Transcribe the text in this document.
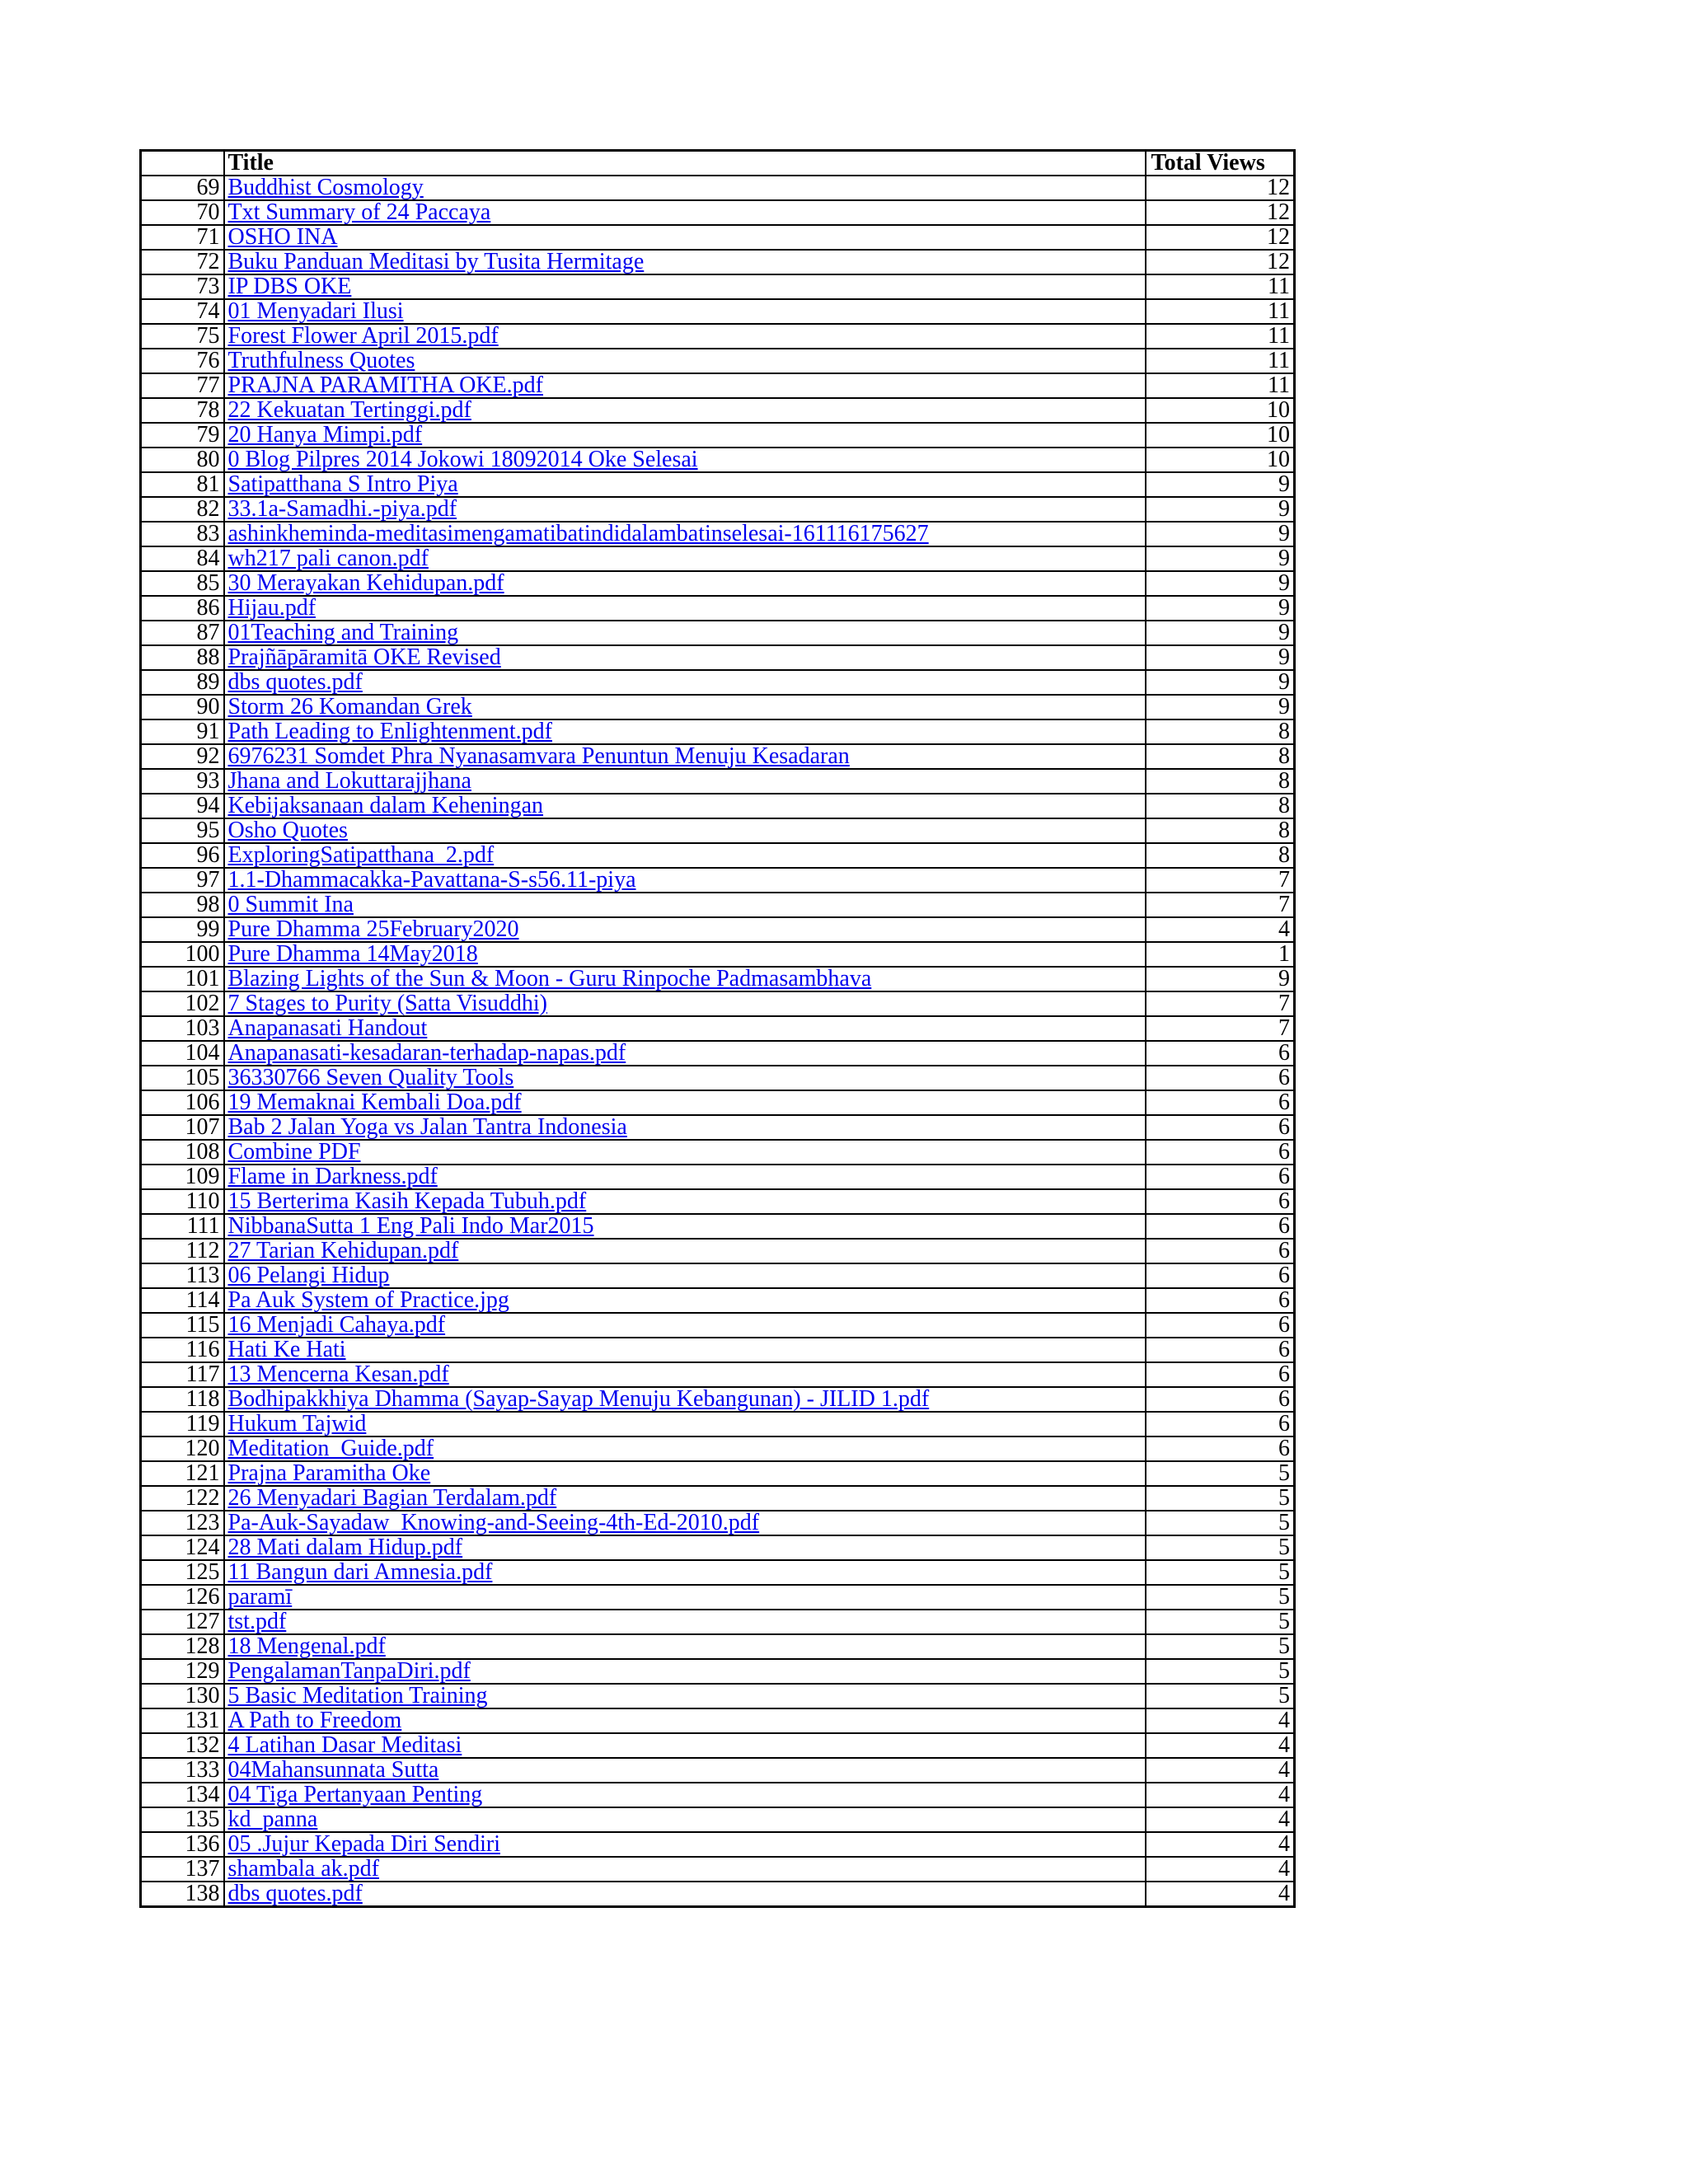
	Title	Total Views
69	Buddhist Cosmology	12
70	Txt Summary of 24 Paccaya	12
71	OSHO INA	12
72	Buku Panduan Meditasi by Tusita Hermitage	12
73	IP DBS OKE	11
74	01 Menyadari Ilusi	11
75	Forest Flower April 2015.pdf	11
76	Truthfulness Quotes	11
77	PRAJNA PARAMITHA OKE.pdf	11
78	22 Kekuatan Tertinggi.pdf	10
79	20 Hanya Mimpi.pdf	10
80	0 Blog Pilpres 2014 Jokowi 18092014 Oke Selesai	10
81	Satipatthana S Intro Piya	9
82	33.1a-Samadhi.-piya.pdf	9
83	ashinkheminda-meditasimengamatibatindidalambatinselesai-161116175627	9
84	wh217 pali canon.pdf	9
85	30 Merayakan Kehidupan.pdf	9
86	Hijau.pdf	9
87	01Teaching and Training	9
88	Prajñāpāramitā OKE Revised	9
89	dbs quotes.pdf	9
90	Storm 26 Komandan Grek	9
91	Path Leading to Enlightenment.pdf	8
92	6976231 Somdet Phra Nyanasamvara Penuntun Menuju Kesadaran	8
93	Jhana and Lokuttarajjhana	8
94	Kebijaksanaan dalam Keheningan	8
95	Osho Quotes	8
96	ExploringSatipatthana_2.pdf	8
97	1.1-Dhammacakka-Pavattana-S-s56.11-piya	7
98	0 Summit Ina	7
99	Pure Dhamma 25February2020	4
100	Pure Dhamma 14May2018	1
101	Blazing Lights of the Sun & Moon - Guru Rinpoche Padmasambhava	9
102	7 Stages to Purity (Satta Visuddhi)	7
103	Anapanasati Handout	7
104	Anapanasati-kesadaran-terhadap-napas.pdf	6
105	36330766 Seven Quality Tools	6
106	19 Memaknai Kembali Doa.pdf	6
107	Bab 2 Jalan Yoga vs Jalan Tantra Indonesia	6
108	Combine PDF	6
109	Flame in Darkness.pdf	6
110	15 Berterima Kasih Kepada Tubuh.pdf	6
111	NibbanaSutta 1 Eng Pali Indo Mar2015	6
112	27 Tarian Kehidupan.pdf	6
113	06 Pelangi Hidup	6
114	Pa Auk System of Practice.jpg	6
115	16 Menjadi Cahaya.pdf	6
116	Hati Ke Hati	6
117	13 Mencerna Kesan.pdf	6
118	Bodhipakkhiya Dhamma (Sayap-Sayap Menuju Kebangunan) - JILID 1.pdf	6
119	Hukum Tajwid	6
120	Meditation_Guide.pdf	6
121	Prajna Paramitha Oke	5
122	26 Menyadari Bagian Terdalam.pdf	5
123	Pa-Auk-Sayadaw_Knowing-and-Seeing-4th-Ed-2010.pdf	5
124	28 Mati dalam Hidup.pdf	5
125	11 Bangun dari Amnesia.pdf	5
126	paramī	5
127	tst.pdf	5
128	18 Mengenal.pdf	5
129	PengalamanTanpaDiri.pdf	5
130	5 Basic Meditation Training	5
131	A Path to Freedom	4
132	4 Latihan Dasar Meditasi	4
133	04Mahansunnata Sutta	4
134	04 Tiga Pertanyaan Penting	4
135	kd_panna	4
136	05 .Jujur Kepada Diri Sendiri	4
137	shambala ak.pdf	4
138	dbs quotes.pdf	4
